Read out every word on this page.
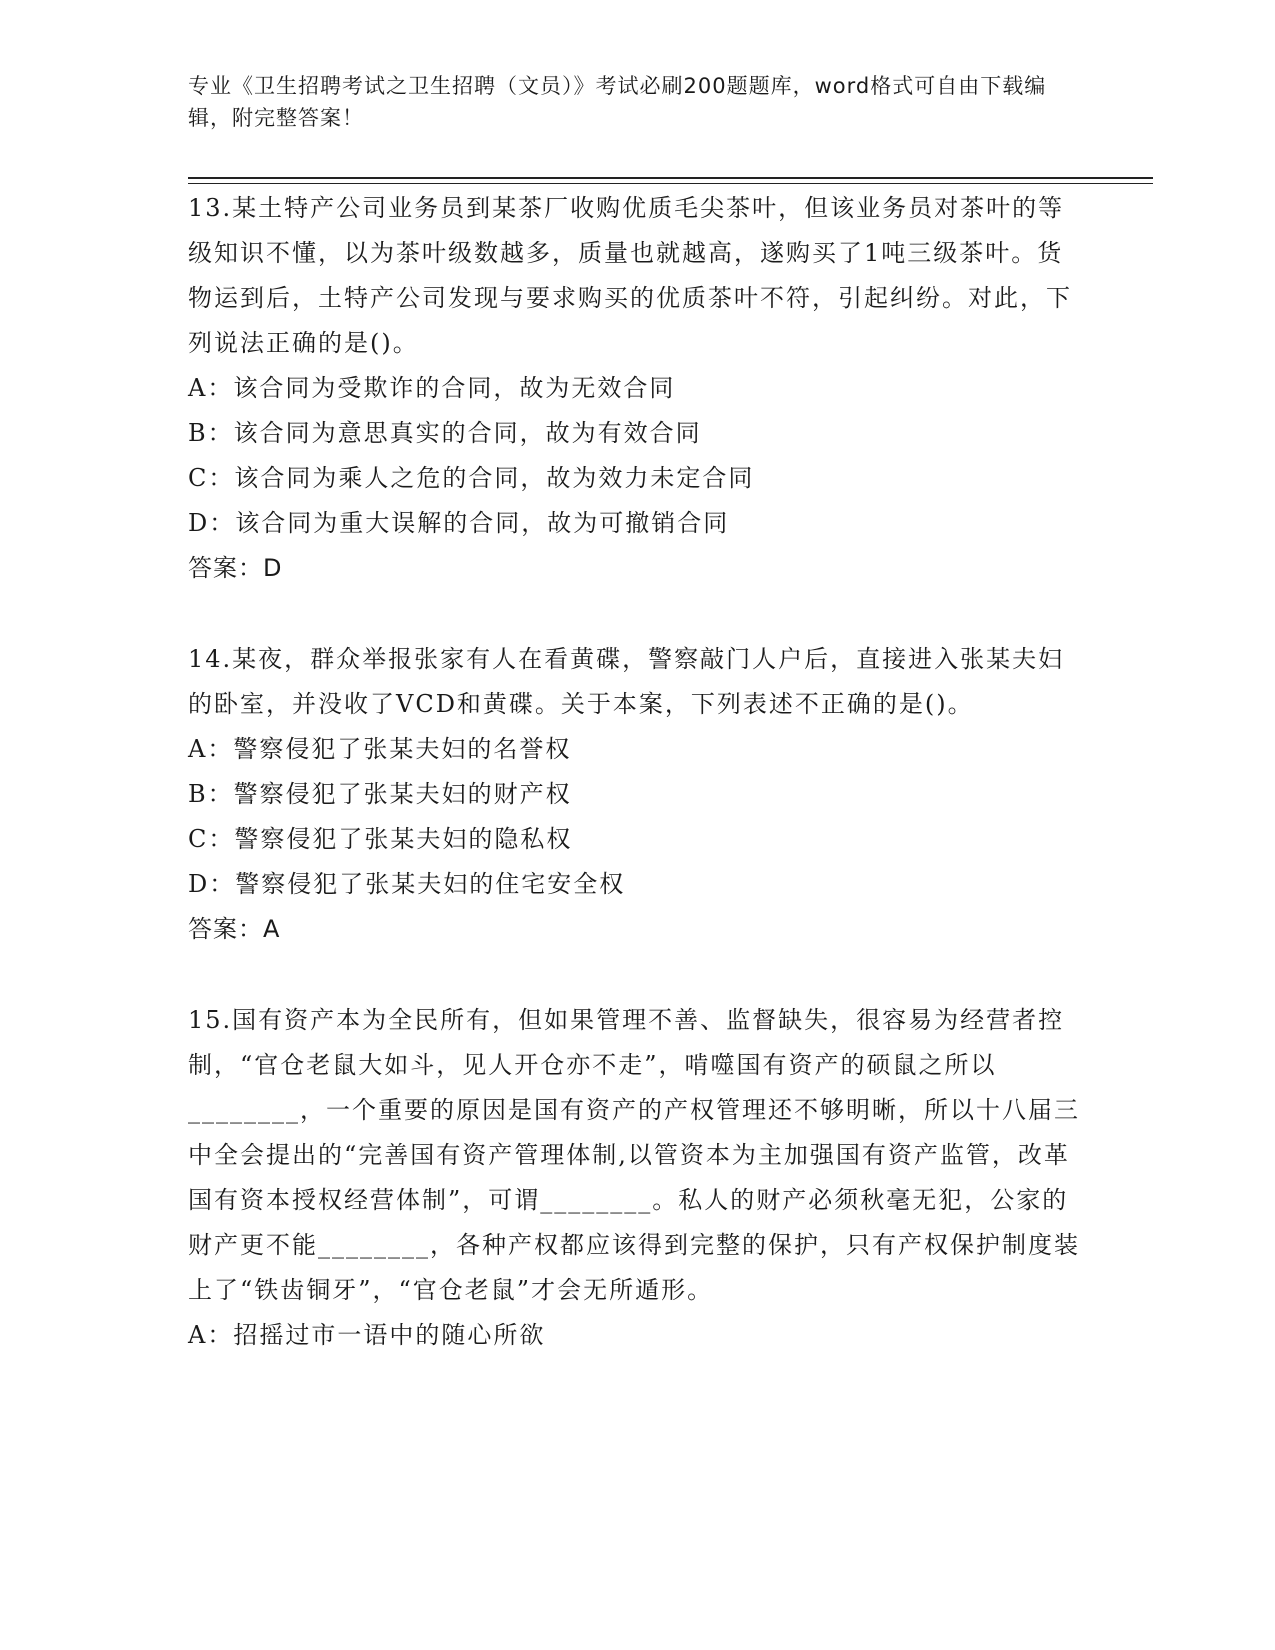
专业《卫生招聘考试之卫生招聘（文员）》考试必刷200题题库，word格式可自由下载编辑，附完整答案！

13.某土特产公司业务员到某茶厂收购优质毛尖茶叶，但该业务员对茶叶的等级知识不懂，以为茶叶级数越多，质量也就越高，遂购买了1吨三级茶叶。货物运到后，土特产公司发现与要求购买的优质茶叶不符，引起纠纷。对此，下列说法正确的是()。

A：该合同为受欺诈的合同，故为无效合同

B：该合同为意思真实的合同，故为有效合同

C：该合同为乘人之危的合同，故为效力未定合同

D：该合同为重大误解的合同，故为可撤销合同

答案：D

14.某夜，群众举报张家有人在看黄碟，警察敲门人户后，直接进入张某夫妇的卧室，并没收了VCD和黄碟。关于本案，下列表述不正确的是()。

A：警察侵犯了张某夫妇的名誉权

B：警察侵犯了张某夫妇的财产权

C：警察侵犯了张某夫妇的隐私权

D：警察侵犯了张某夫妇的住宅安全权

答案：A

15.国有资产本为全民所有，但如果管理不善、监督缺失，很容易为经营者控制，“官仓老鼠大如斗，见人开仓亦不走”，啃噬国有资产的硕鼠之所以________，一个重要的原因是国有资产的产权管理还不够明晰，所以十八届三中全会提出的“完善国有资产管理体制,以管资本为主加强国有资产监管，改革国有资本授权经营体制”，可谓________。私人的财产必须秋毫无犯，公家的财产更不能________，各种产权都应该得到完整的保护，只有产权保护制度装上了“铁齿铜牙”，“官仓老鼠”才会无所遁形。

A：招摇过市一语中的随心所欲
